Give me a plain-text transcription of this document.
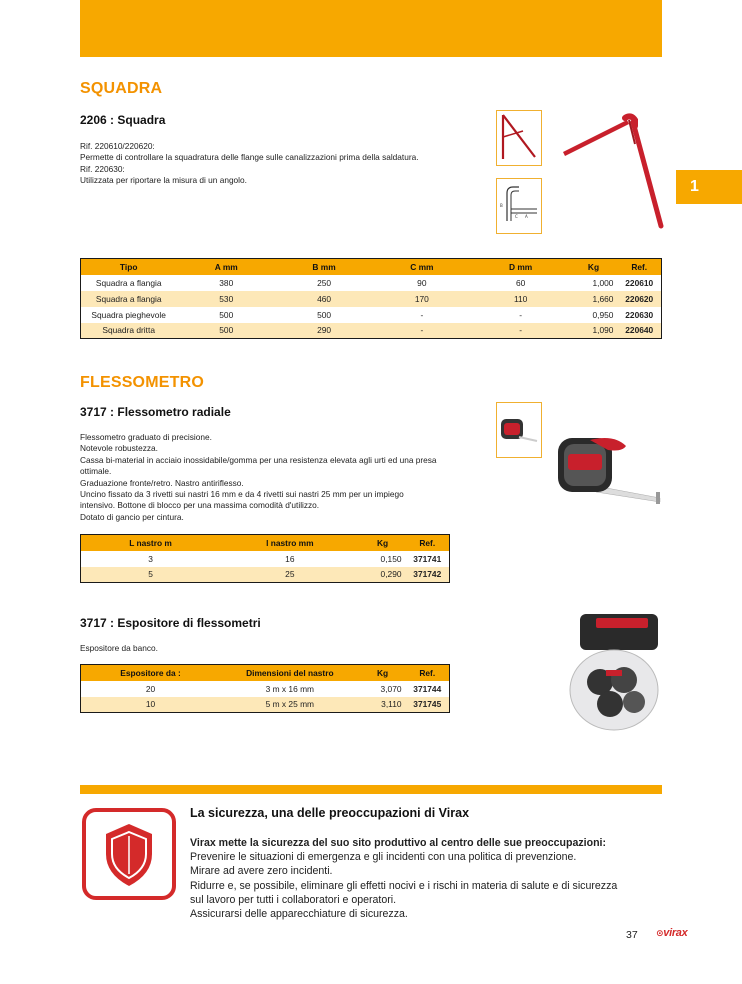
1
SQUADRA
2206 : Squadra
Rif. 220610/220620:
Permette di controllare la squadratura delle flange sulle canalizzazioni prima della saldatura.
Rif. 220630:
Utilizzata per riportare la misura di un angolo.
B
C A
Tipo	A mm	B mm	C mm	D mm	Kg	Ref.
Squadra a flangia	380	250	90	60	1,000	220610
Squadra a flangia	530	460	170	110	1,660	220620
Squadra pieghevole	500	500	-	-	0,950	220630
Squadra dritta	500	290	-	-	1,090	220640
FLESSOMETRO
3717 : Flessometro radiale
Flessometro graduato di precisione.
Notevole robustezza.
Cassa bi-material in acciaio inossidabile/gomma per una resistenza elevata agli urti ed una presa
ottimale.
Graduazione fronte/retro. Nastro antiriflesso.
Uncino fissato da 3 rivetti sui nastri 16 mm e da 4 rivetti sui nastri 25 mm per un impiego
intensivo. Bottone di blocco per una massima comodità d'utilizzo.
Dotato di gancio per cintura.
L nastro m	l nastro mm	Kg	Ref.
3	16	0,150	371741
5	25	0,290	371742
3717 : Espositore di flessometri
Espositore da banco.
Espositore da :	Dimensioni del nastro	Kg	Ref.
20	3 m x 16 mm	3,070	371744
10	5 m x 25 mm	3,110	371745
La sicurezza, una delle preoccupazioni di Virax
Virax mette la sicurezza del suo sito produttivo al centro delle sue preoccupazioni:
Prevenire le situazioni di emergenza e gli incidenti con una politica di prevenzione.
Mirare ad avere zero incidenti.
Ridurre e, se possibile, eliminare gli effetti nocivi e i rischi in materia di salute e di sicurezza
sul lavoro per tutti i collaboratori e operatori.
Assicurarsi delle apparecchiature di sicurezza.
37 ⊙virax
